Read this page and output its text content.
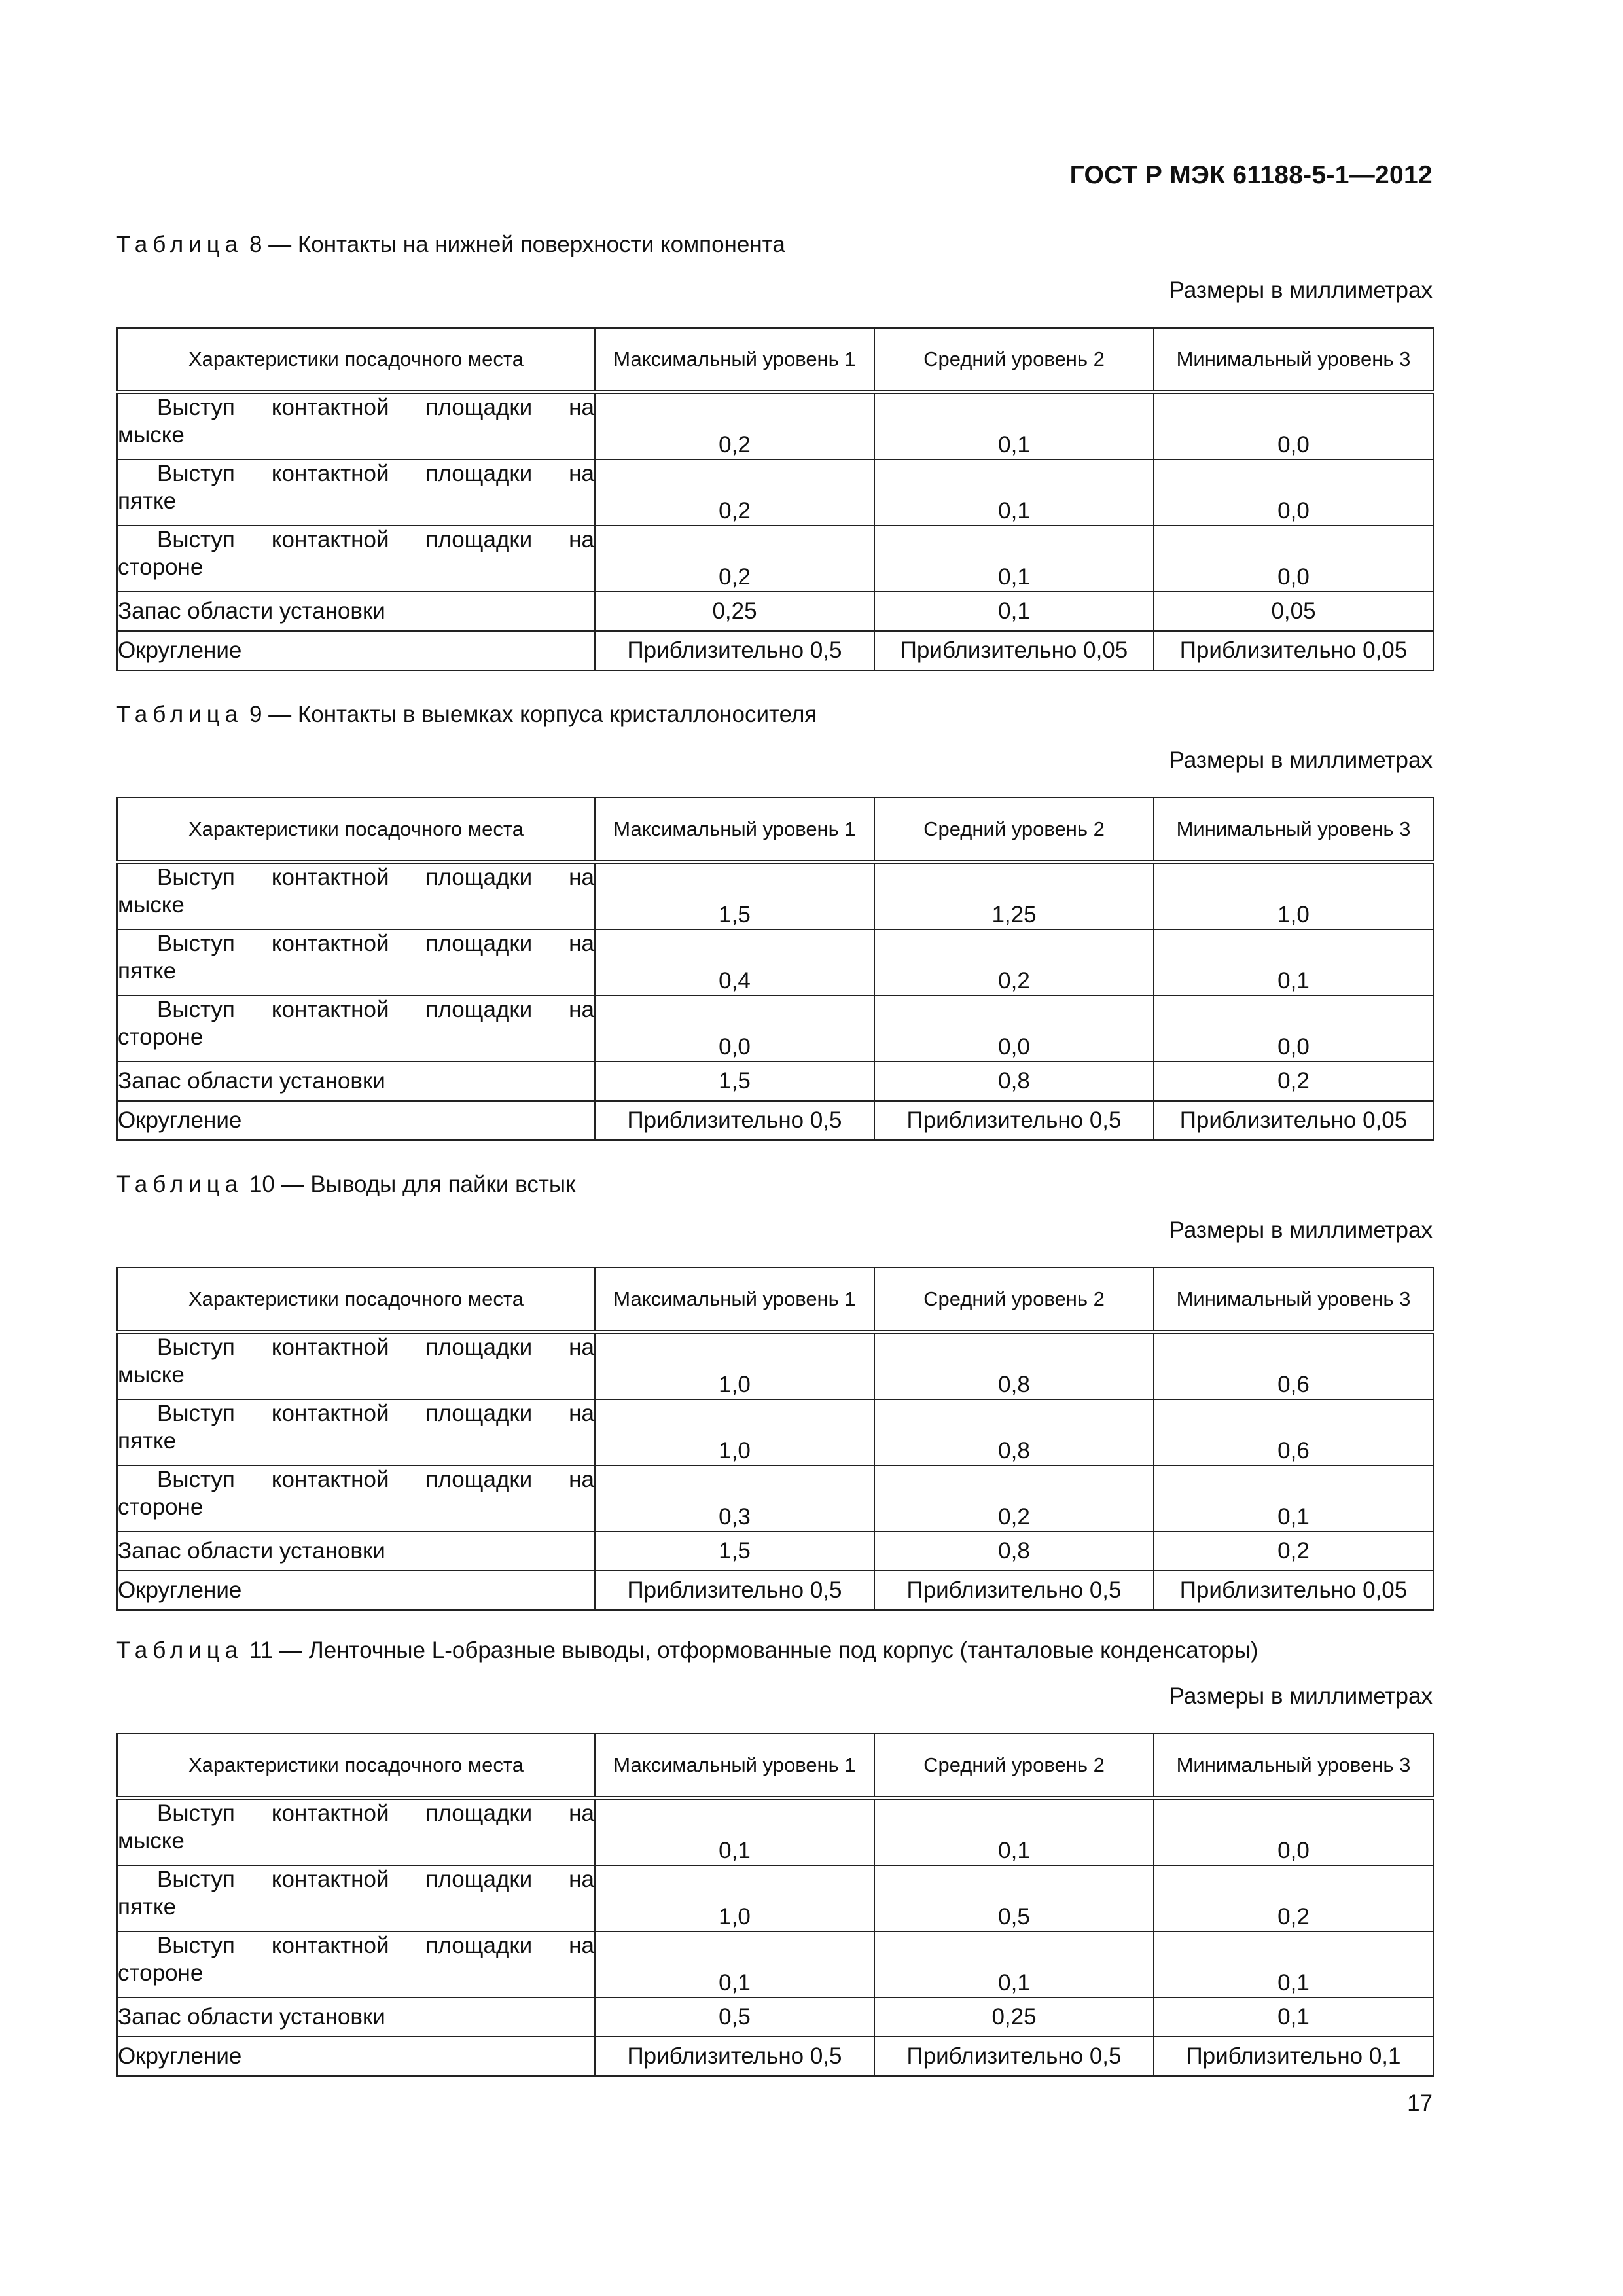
ГОСТ Р МЭК 61188-5-1—2012
Таблица 8 — Контакты на нижней поверхности компонента
Размеры в миллиметрах
Характеристики посадочного места	Максимальный уровень 1	Средний уровень 2	Минимальный уровень 3

Выступ контактной площадки на
мыске	0,2	0,1	0,0

Выступ контактной площадки на
пятке	0,2	0,1	0,0

Выступ контактной площадки на
стороне	0,2	0,1	0,0
Запас области установки	0,25	0,1	0,05
Округление	Приблизительно 0,5	Приблизительно 0,05	Приблизительно 0,05
Таблица 9 — Контакты в выемках корпуса кристаллоносителя
Размеры в миллиметрах
Характеристики посадочного места	Максимальный уровень 1	Средний уровень 2	Минимальный уровень 3

Выступ контактной площадки на
мыске	1,5	1,25	1,0

Выступ контактной площадки на
пятке	0,4	0,2	0,1

Выступ контактной площадки на
стороне	0,0	0,0	0,0
Запас области установки	1,5	0,8	0,2
Округление	Приблизительно 0,5	Приблизительно 0,5	Приблизительно 0,05
Таблица 10 — Выводы для пайки встык
Размеры в миллиметрах
Характеристики посадочного места	Максимальный уровень 1	Средний уровень 2	Минимальный уровень 3

Выступ контактной площадки на
мыске	1,0	0,8	0,6

Выступ контактной площадки на
пятке	1,0	0,8	0,6

Выступ контактной площадки на
стороне	0,3	0,2	0,1
Запас области установки	1,5	0,8	0,2
Округление	Приблизительно 0,5	Приблизительно 0,5	Приблизительно 0,05
Таблица 11 — Ленточные L-образные выводы, отформованные под корпус (танталовые конденсаторы)
Размеры в миллиметрах
Характеристики посадочного места	Максимальный уровень 1	Средний уровень 2	Минимальный уровень 3

Выступ контактной площадки на
мыске	0,1	0,1	0,0

Выступ контактной площадки на
пятке	1,0	0,5	0,2

Выступ контактной площадки на
стороне	0,1	0,1	0,1
Запас области установки	0,5	0,25	0,1
Округление	Приблизительно 0,5	Приблизительно 0,5	Приблизительно 0,1
17
